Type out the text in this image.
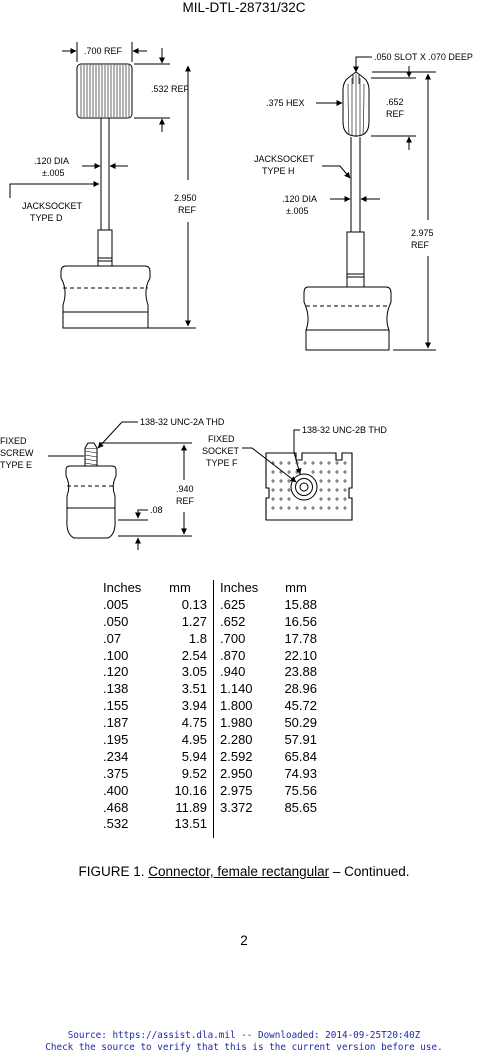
MIL-DTL-28731/32C
.700 REF
.532 REF
.120 DIA ±.005
JACKSOCKET TYPE D
2.950 REF
.050 SLOT X .070 DEEP
.375 HEX	.652 REF
JACKSOCKET TYPE H
.120 DIA ±.005
2.975 REF
138-32 UNC-2A THD
FIXED SCREW TYPE E
.940 REF
.08
138-32 UNC-2B THD
FIXED SOCKET TYPE F
Inches
.005
.050
.07
.100
.120
.138
.155
.187
.195
.234
.375
.400
.468
.532
mm
0.13
1.27
1.8
2.54
3.05
3.51
3.94
4.75
4.95
5.94
9.52
10.16
11.89
13.51
Inches
.625
.652
.700
.870
.940
1.140
1.800
1.980
2.280
2.592
2.950
2.975
3.372
mm
15.88
16.56
17.78
22.10
23.88
28.96
45.72
50.29
57.91
65.84
74.93
75.56
85.65
FIGURE 1. Connector, female rectangular – Continued.
2
Source: https://assist.dla.mil -- Downloaded: 2014-09-25T20:40Z
Check the source to verify that this is the current version before use.
